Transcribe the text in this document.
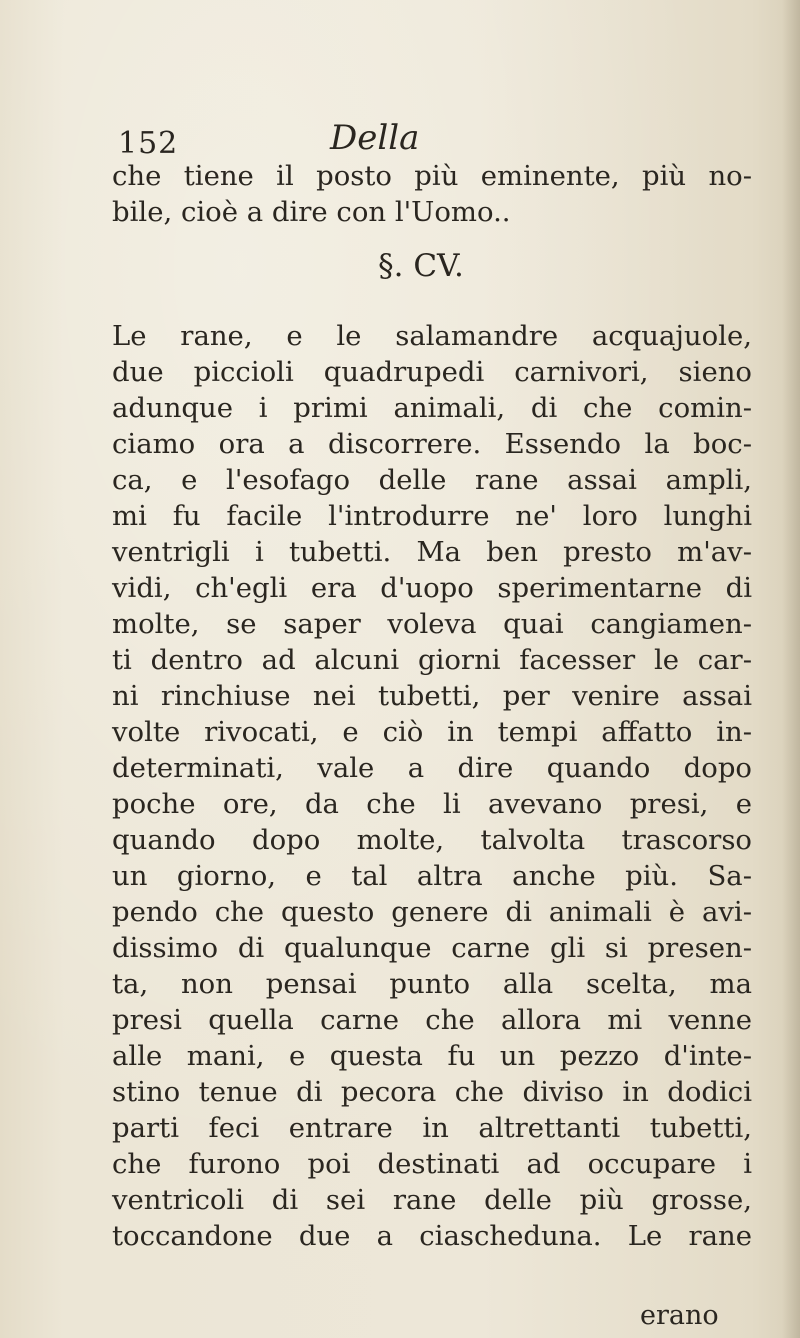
152	Della
che tiene il posto più eminente, più no-
bile, cioè a dire con l'Uomo..
§. CV.
Le rane, e le salamandre acquajuole,
due piccioli quadrupedi carnivori, sieno
adunque i primi animali, di che comin-
ciamo ora a discorrere. Essendo la boc-
ca, e l'esofago delle rane assai ampli,
mi fu facile l'introdurre ne' loro lunghi
ventrigli i tubetti. Ma ben presto m'av-
vidi, ch'egli era d'uopo sperimentarne di
molte, se saper voleva quai cangiamen-
ti dentro ad alcuni giorni facesser le car-
ni rinchiuse nei tubetti, per venire assai
volte rivocati, e ciò in tempi affatto in-
determinati, vale a dire quando dopo
poche ore, da che li avevano presi, e
quando dopo molte, talvolta trascorso
un giorno, e tal altra anche più. Sa-
pendo che questo genere di animali è avi-
dissimo di qualunque carne gli si presen-
ta, non pensai punto alla scelta, ma
presi quella carne che allora mi venne
alle mani, e questa fu un pezzo d'inte-
stino tenue di pecora che diviso in dodici
parti feci entrare in altrettanti tubetti,
che furono poi destinati ad occupare i
ventricoli di sei rane delle più grosse,
toccandone due a ciascheduna. Le rane
erano
